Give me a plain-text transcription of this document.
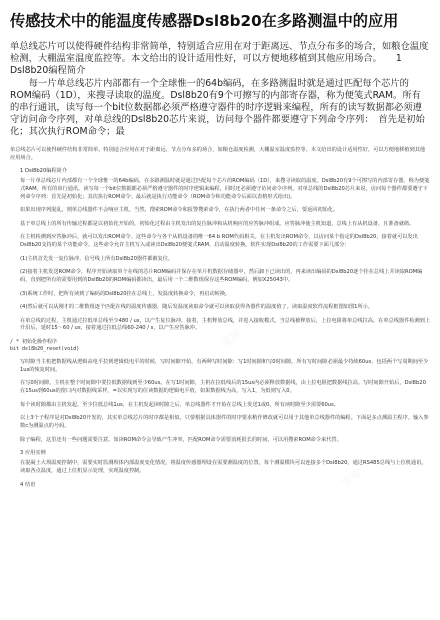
传感技术中的能温度传感器Dsl8b20在多路测温中的应用

单总线芯片可以使得硬件结构非常简单，特别适合应用在对于距离远、节点分布多的场合，如粮仓温度检测，大棚温室温度监控等。本文给出的设计适用性好，可以方便地移植到其他应用场合。　　1 Dsl8b20编程简介

　　每一片单总线芯片内部都有一个全球惟一的64b编码，在多路测温时就是通过匹配每个芯片的ROM编码（1D），来搜寻读取的温度。Dsl8b20有9个可擦写的内部寄存器，称为便笺式RAM。所有的串行通讯，读写每一个bit位数据都必须严格遵守器件的时序逻辑来编程，所有的读写数据都必须遵守访问命令序列，对单总线的Dsl8b20芯片来说，访问每个器件都要遵守下列命令序列：　首先是初始化；其次执行ROM命令；最

单总线芯片可以使得硬件结构非常简单，特别适合应用在对于距离远、节点分布多的场合，如粮仓温度检测，大棚温室温度监控等。本文给出的设计适用性好，可以方便地移植到其他应用场合。

1 Dsl8b20编程简介

每一片单总线芯片内部都有一个全球惟一的64b编码，在多路测温时就是通过匹配每个芯片的ROM编码（1D），来搜寻读取的温度。Dsl8b20有9个可擦写的内部寄存器，称为便笺式RAM。所有的串行通讯，读写每一个bit位数据都必须严格遵守器件的时序逻辑来编程，同时还必须遵守访问命令序列，对单总线的Dsl8b20芯片来说，访问每个器件都要遵守下列命令序列：首先是初始化；其次执行ROM命令；最后就是执行功能命令（ROM命令和功能命令后面以表格形式给出)。

如果出现序列混乱，则单总线器件不会响应主机。当然，搜索ROM命令和报警搜索命令，在执行两者中任何一条命令之后，要返回初始化。

基于单总线上的所有传输过程都是以初始化开始的，初始化过程由主机发出的复位脉冲和从机响应的应答脉冲组成。应答脉冲使主机知道，总线上有从机设备，且准备就绪。

在主机检测到应答脉冲后，就可以发出ROM命令。这些命令与各个从机设备的唯一64 b ROM代码相关。在主机发出ROM命令，以访问某个指定的Dsl8b20，接着就可以发出Dsl8b20支持的某个功能命令。这些命令允许主机写入或读出Dsl8b20便笺式RAM、启动温度转换。软件实现Dsl8b20的工作需要下面几部分：

(1)主机首先发一复位脉冲，信号线上所有Dsl8b20器件都被复位。

(2)接着主机发送ROM命令，程序开始读取单个在线的芯片ROM编码并保存在单片机数据存储器中，然后卸下已读出的，再来读出编码的Dsl8b20逐个挂在总线上并读取ROM编码，直到把所有的需要用到的Dsl8b20的ROM编码都读出，最后用一个二维数组保存这些ROM编码，例如X25043中。

(3)系统工作时，把所有读到了编码的Dsl8b20挂在总线上，发温度转换命令，再启动转换。

(4)然后就可以从刚才的二维数组逐个匹配在线的温度传感器，随后发温度读取命令就可以读取获得各器件的温度值了。读取温度软件流程框图如图1所示。

在单总线的过程，主机通过拉低单总线至少480 / us，以产生复位脉冲。接着，主机释放总线，并进入接收模式。当总线被释放后，上拉电阻将单总线拉高。在单总线器件检测到上升沿后，延时15～60 / us，接着通过拉低总线60-240 / s，以产生应答脉冲。

/ * 初始化操作程序

bit dsl8b20_reset(void)

写时隙当主机把数据线从逻辑高电平拉到逻辑低电平的时候，写时间隙开始。有两种写时间隙：写1时间隙和写0时间隙。所有写时间隙必须最少持续60us，包括两个写周期间至少1us的恢复时间。

在写0时间隙，主机在整个时间隙中要拉低数据线到至少60us。在写1时间隙，主机在拉低线后的15us内必须释放数据线，由上拉电阻把数据线拉高。写时间隙开始后，Dsl8b20在15us到60us的窗口内对数据线采样，=以实现写的位读数据的逻辑电平值，如果数据线为高，写入1，为低则写入0。

每个读时隙都由主机发起，至少拉低总线1us，在主机发起读时隙之后，单总线器件才开始在总线上发送1或0。所有读时隙至少需要60us。

以上3个子程序是对Dsl8b20开发的，其实单总线芯片的时序都是相似，只要根据具体器件的时序要求稍作修改就可以用于其他单总线器件的编程。下面是多点测温主程序。输入参数c为测温点的号码。

除子编程，这里还有一些问题需要注意。如读ROM命令会导致产生冲突，匹配ROM命令需要消耗很长的时间，可以用搜索ROM命令来代替。

3 应用实例

在混凝土大坝温度控制中，需要实时监测坝体内部温度变化情况，将温度传感器埋设在需要测温度的位置，每个测温模块可以连接多个Dsl8b20，通过RS485总线与上位机通讯，读取各点温度，通过上位机显示处理，实现温度控制。

4 结语

宝库
宝库
宝库
